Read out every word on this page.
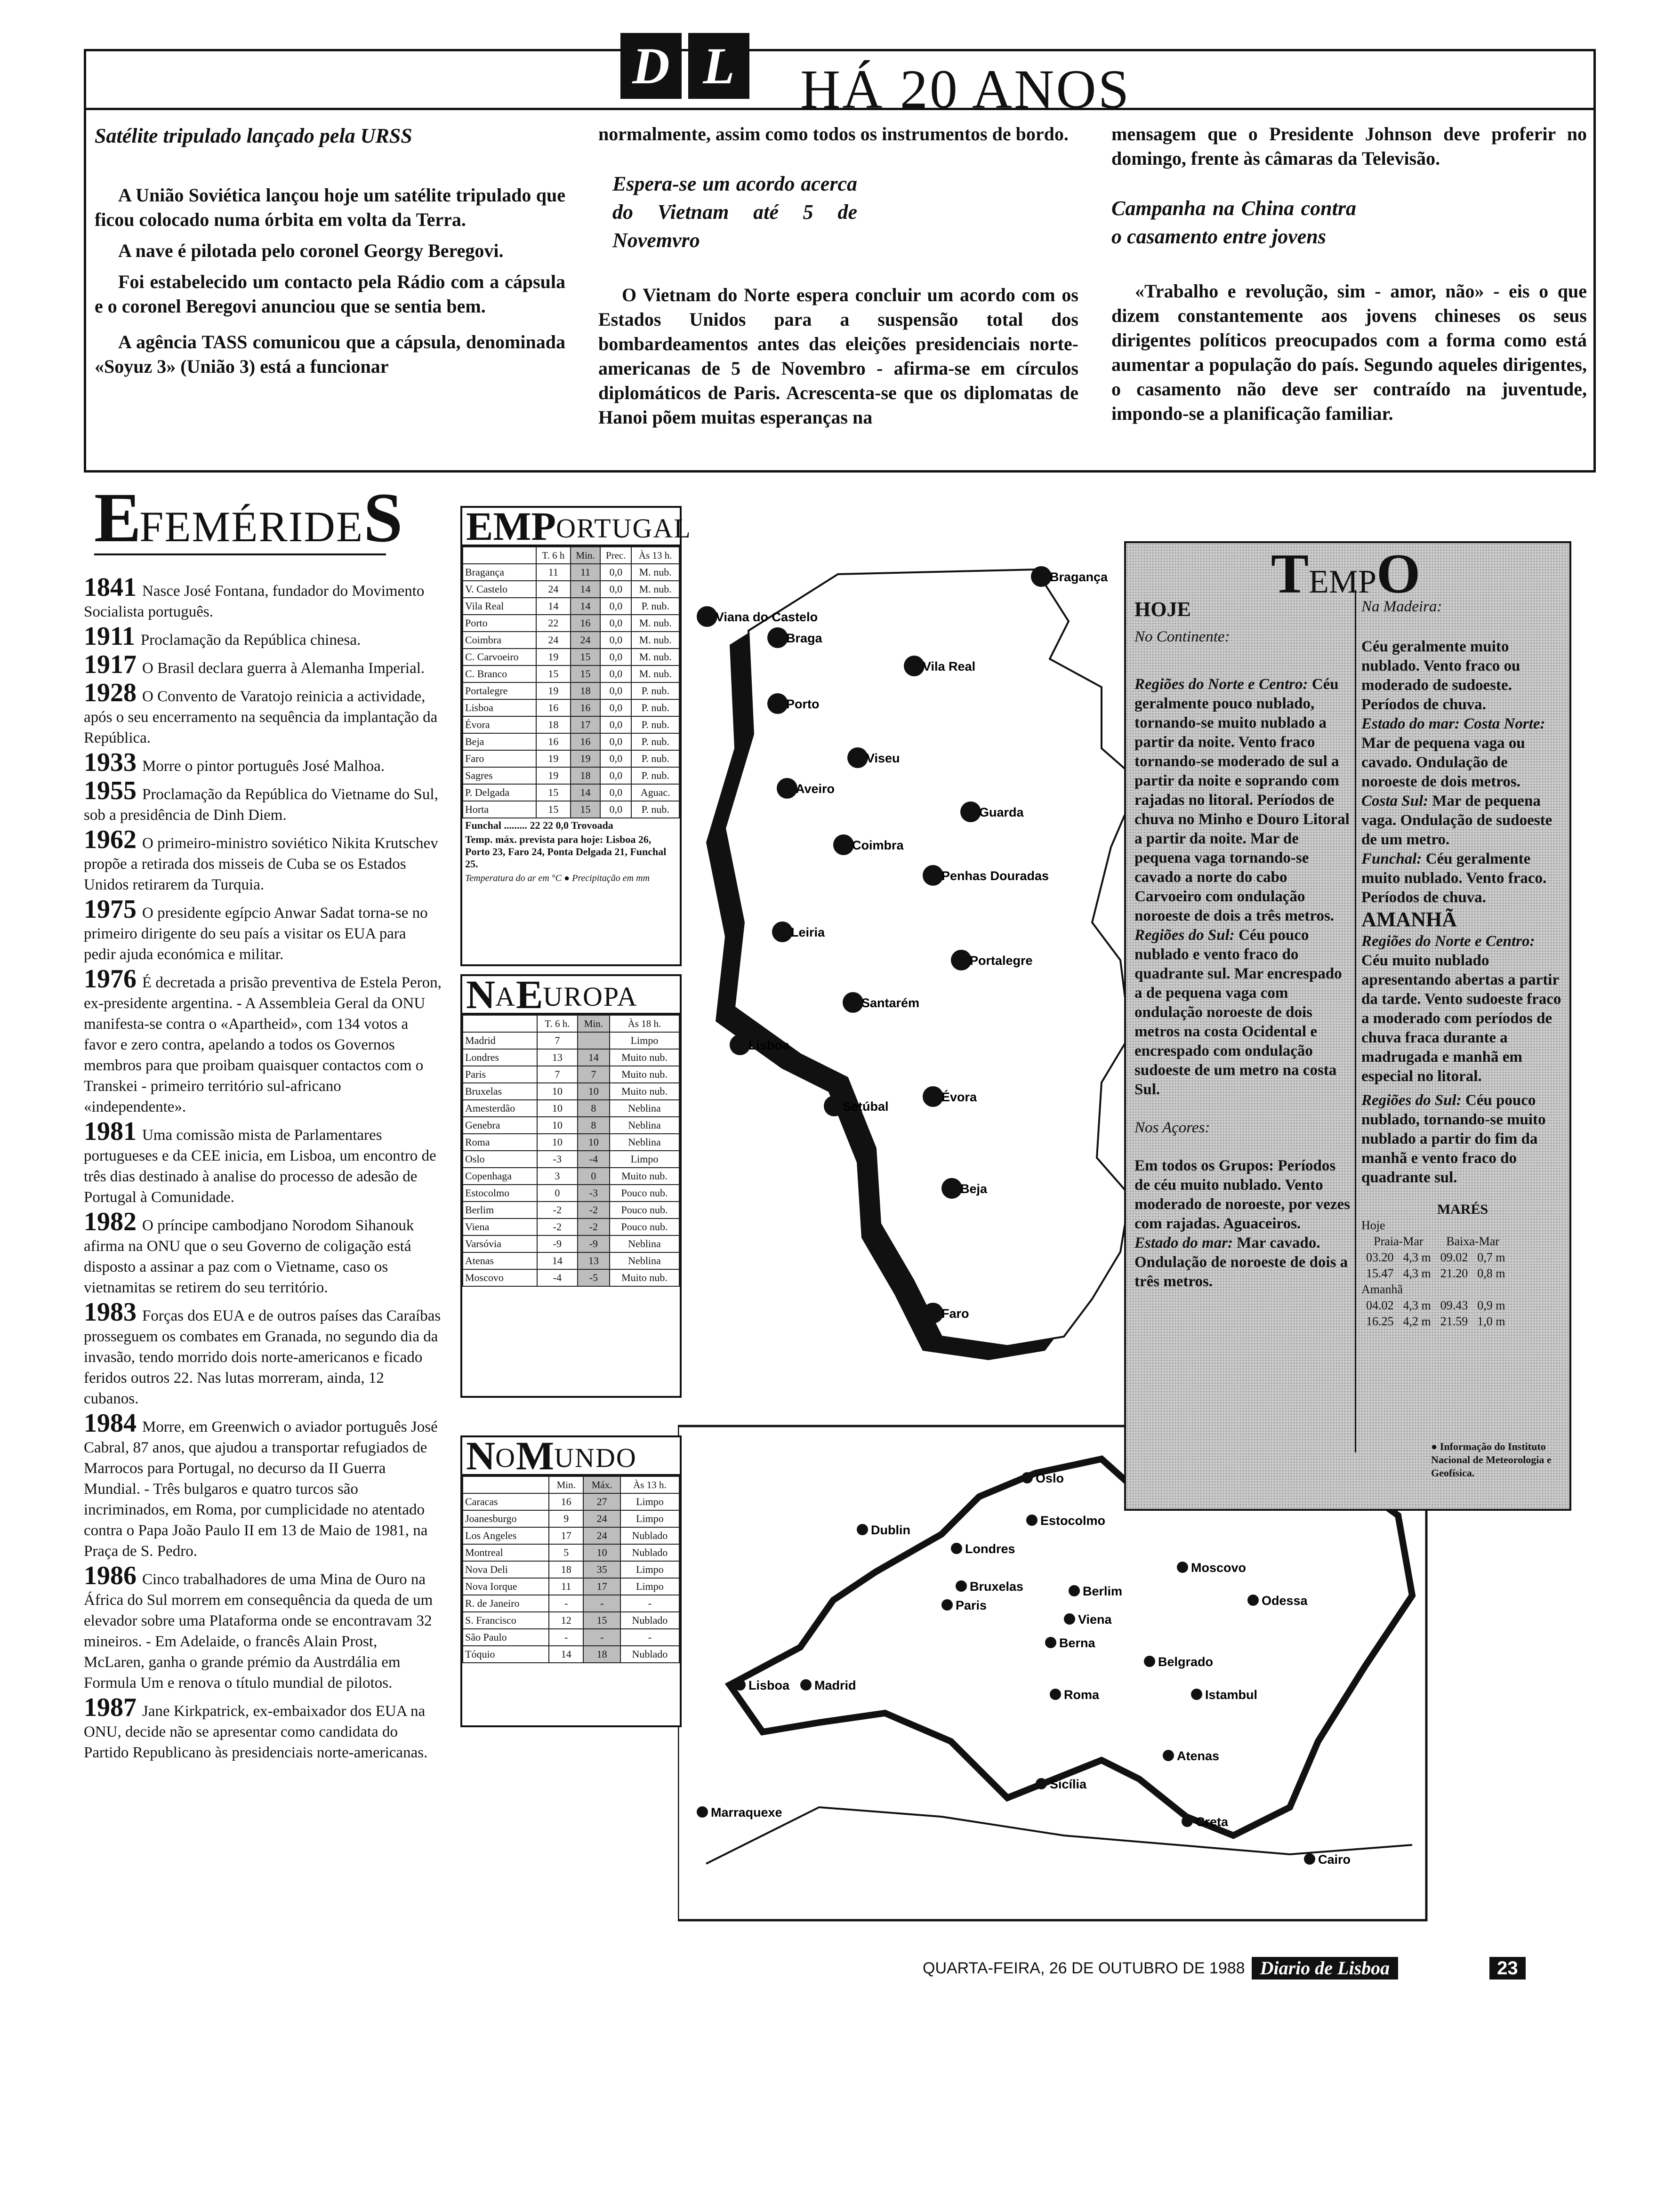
Satélite tripulado lançado pela URSS

A União Soviética lançou hoje um satélite tripulado que ficou colocado numa órbita em volta da Terra.

A nave é pilotada pelo coronel Georgy Beregovi.

Foi estabelecido um contacto pela Rádio com a cápsula e o coronel Beregovi anunciou que se sentia bem.

A agência TASS comunicou que a cápsula, denominada «Soyuz 3» (União 3) está a funcionar

normalmente, assim como todos os instrumentos de bordo.

Espera-se um acordo acerca do Vietnam até 5 de Novemvro

O Vietnam do Norte espera concluir um acordo com os Estados Unidos para a suspensão total dos bombardeamentos antes das eleições presidenciais norte-americanas de 5 de Novembro - afirma-se em círculos diplomáticos de Paris. Acrescenta-se que os diplomatas de Hanoi põem muitas esperanças na

mensagem que o Presidente Johnson deve proferir no domingo, frente às câmaras da Televisão.

Campanha na China contra o casamento entre jovens

«Trabalho e revolução, sim - amor, não» - eis o que dizem constantemente aos jovens chineses os seus dirigentes políticos preocupados com a forma como está aumentar a população do país. Segundo aqueles dirigentes, o casamento não deve ser contraído na juventude, impondo-se a planificação familiar.

D L HÁ 20 ANOS
EFEMÉRIDES
1841 Nasce José Fontana, fundador do Movimento Socialista português.
1911 Proclamação da República chinesa.
1917 O Brasil declara guerra à Alemanha Imperial.
1928 O Convento de Varatojo reinicia a actividade, após o seu encerramento na sequência da implantação da República.
1933 Morre o pintor português José Malhoa.
1955 Proclamação da República do Vietname do Sul, sob a presidência de Dinh Diem.
1962 O primeiro-ministro soviético Nikita Krutschev propõe a retirada dos misseis de Cuba se os Estados Unidos retirarem da Turquia.
1975 O presidente egípcio Anwar Sadat torna-se no primeiro dirigente do seu país a visitar os EUA para pedir ajuda económica e militar.
1976 É decretada a prisão preventiva de Estela Peron, ex-presidente argentina. - A Assembleia Geral da ONU manifesta-se contra o «Apartheid», com 134 votos a favor e zero contra, apelando a todos os Governos membros para que proibam quaisquer contactos com o Transkei - primeiro território sul-africano «independente».
1981 Uma comissão mista de Parlamentares portugueses e da CEE inicia, em Lisboa, um encontro de três dias destinado à analise do processo de adesão de Portugal à Comunidade.
1982 O príncipe cambodjano Norodom Sihanouk afirma na ONU que o seu Governo de coligação está disposto a assinar a paz com o Vietname, caso os vietnamitas se retirem do seu território.
1983 Forças dos EUA e de outros países das Caraíbas prosseguem os combates em Granada, no segundo dia da invasão, tendo morrido dois norte-americanos e ficado feridos outros 22. Nas lutas morreram, ainda, 12 cubanos.
1984 Morre, em Greenwich o aviador português José Cabral, 87 anos, que ajudou a transportar refugiados de Marrocos para Portugal, no decurso da II Guerra Mundial. - Três bulgaros e quatro turcos são incriminados, em Roma, por cumplicidade no atentado contra o Papa João Paulo II em 13 de Maio de 1981, na Praça de S. Pedro.
1986 Cinco trabalhadores de uma Mina de Ouro na África do Sul morrem em consequência da queda de um elevador sobre uma Plataforma onde se encontravam 32 mineiros. - Em Adelaide, o francês Alain Prost, McLaren, ganha o grande prémio da Austrdália em Formula Um e renova o título mundial de pilotos.
1987 Jane Kirkpatrick, ex-embaixador dos EUA na ONU, decide não se apresentar como candidata do Partido Republicano às presidenciais norte-americanas.
Bragança
Viana do Castelo
Braga
Vila Real
Porto
Viseu
Aveiro
Guarda
Coimbra
Penhas Douradas
Leiria
Portalegre
Santarém
Lisboa
Setúbal
Évora
Beja
Faro
Oslo
Estocolmo
Dublin
Londres
Moscovo
Bruxelas	Berlim
Paris	Odessa
Viena
Berna
Belgrado
Lisboa Madrid
Roma	Istambul
Atenas
Sicília
Creta
Marraquexe
Cairo
E M P ORTUGAL
	T. 6 h	Min.	Prec.	Às 13 h.
Bragança	11	11	0,0	M. nub.
V. Castelo	24	14	0,0	M. nub.
Vila Real	14	14	0,0	P. nub.
Porto	22	16	0,0	M. nub.
Coimbra	24	24	0,0	M. nub.
C. Carvoeiro	19	15	0,0	M. nub.
C. Branco	15	15	0,0	M. nub.
Portalegre	19	18	0,0	P. nub.
Lisboa	16	16	0,0	P. nub.
Évora	18	17	0,0	P. nub.
Beja	16	16	0,0	P. nub.
Faro	19	19	0,0	P. nub.
Sagres	19	18	0,0	P. nub.
P. Delgada	15	14	0,0	Aguac.
Horta	15	15	0,0	P. nub.
Funchal ......... 22 22 0,0 Trovoada
Temp. máx. prevista para hoje: Lisboa 26, Porto 23, Faro 24, Ponta Delgada 21, Funchal 25.
Temperatura do ar em °C ● Precipitação em mm
N A E UROPA
	T. 6 h.	Min.	Às 18 h.
Madrid	7		Limpo
Londres	13	14	Muito nub.
Paris	7	7	Muito nub.
Bruxelas	10	10	Muito nub.
Amesterdão	10	8	Neblina
Genebra	10	8	Neblina
Roma	10	10	Neblina
Oslo	-3	-4	Limpo
Copenhaga	3	0	Muito nub.
Estocolmo	0	-3	Pouco nub.
Berlim	-2	-2	Pouco nub.
Viena	-2	-2	Pouco nub.
Varsóvia	-9	-9	Neblina
Atenas	14	13	Neblina
Moscovo	-4	-5	Muito nub.
N O M UNDO
	Min.	Máx.	Às 13 h.
Caracas	16	27	Limpo
Joanesburgo	9	24	Limpo
Los Angeles	17	24	Nublado
Montreal	5	10	Nublado
Nova Deli	18	35	Limpo
Nova Iorque	11	17	Limpo
R. de Janeiro	-	-	-
S. Francisco	12	15	Nublado
São Paulo	-	-	-
Tóquio	14	18	Nublado

HOJE

No Continente:

Regiões do Norte e Centro: Céu geralmente pouco nublado, tornando-se muito nublado a partir da noite. Vento fraco tornando-se moderado de sul a partir da noite e soprando com rajadas no litoral. Períodos de chuva no Minho e Douro Litoral a partir da noite. Mar de pequena vaga tornando-se cavado a norte do cabo Carvoeiro com ondulação noroeste de dois a três metros.

Regiões do Sul: Céu pouco nublado e vento fraco do quadrante sul. Mar encrespado a de pequena vaga com ondulação noroeste de dois metros na costa Ocidental e encrespado com ondulação sudoeste de um metro na costa Sul.

Nos Açores:

Em todos os Grupos: Períodos de céu muito nublado. Vento moderado de noroeste, por vezes com rajadas. Aguaceiros.

Estado do mar: Mar cavado. Ondulação de noroeste de dois a três metros.

Na Madeira:

Céu geralmente muito nublado. Vento fraco ou moderado de sudoeste. Períodos de chuva.

Estado do mar: Costa Norte: Mar de pequena vaga ou cavado. Ondulação de noroeste de dois metros.

Costa Sul: Mar de pequena vaga. Ondulação de sudoeste de um metro.

Funchal: Céu geralmente muito nublado. Vento fraco. Períodos de chuva.

AMANHÃ

Regiões do Norte e Centro: Céu muito nublado apresentando abertas a partir da tarde. Vento sudoeste fraco a moderado com períodos de chuva fraca durante a madrugada e manhã em especial no litoral.

Regiões do Sul: Céu pouco nublado, tornando-se muito nublado a partir do fim da manhã e vento fraco do quadrante sul.

MARÉS
Hoje
Praia-Mar		Baixa-Mar	
03.20	4,3 m	09.02	0,7 m
15.47	4,3 m	21.20	0,8 m
Amanhã
04.02	4,3 m	09.43	0,9 m
16.25	4,2 m	21.59	1,0 m
TEMPO
● Informação do Instituto Nacional de Meteorologia e Geofísica.
QUARTA-FEIRA, 26 DE OUTUBRO DE 1988 Diario de Lisboa	23
